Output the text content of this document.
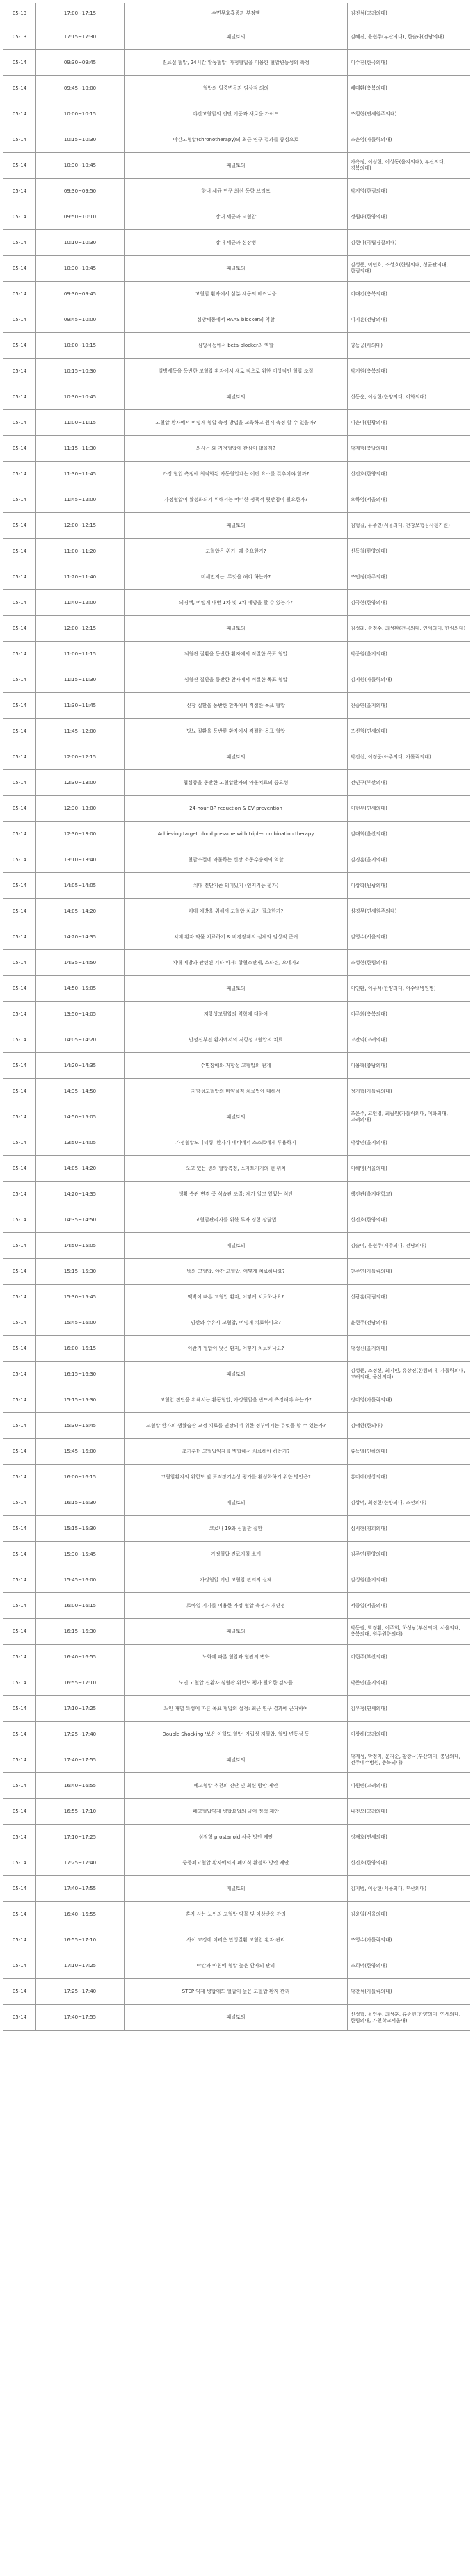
05-13	17:00~17:15	수면무호흡증과 부정맥	김진석(고려의대)
05-13	17:15~17:30	패널토의	김혜진, 윤현주(부산의대), 한슬라(전남의대)
05-14	09:30~09:45	진료실 혈압, 24시간 활동혈압, 가정혈압을 이용한 혈압변동성의 측정	이수진(한국의대)
05-14	09:45~10:00	혈압의 일중변동과 임상적 의의	배대환(충북의대)
05-14	10:00~10:15	야간고혈압의 진단 기준과 새로운 가이드	조철현(연세원주의대)
05-14	10:15~10:30	야간고혈압(chronotherapy)의 최근 연구 결과를 중심으로	조은영(가톨릭의대)
05-14	10:30~10:45	패널토의	가옥정, 이성현, 이성동(울지의대), 부산의대, 경북의대)
05-14	09:30~09:50	향내 세균 연구 최신 동향 브리프	박지영(한림의대)
05-14	09:50~10:10	장내 세균과 고혈압	정원대(한양의대)
05-14	10:10~10:30	장내 세균과 심장병	김현나(국립경찰의대)
05-14	10:30~10:45	패널토의	김성준, 이민호, 조성호(한림의대, 성균관의대, 한림의대)
05-14	09:30~09:45	고혈압 환자에서 삼분 세동의 메커니즘	이대건(충북의대)
05-14	09:45~10:00	심방세동에서 RAAS blocker의 역할	이기훈(전남의대)
05-14	10:00~10:15	심방세동에서 beta-blocker의 역할	양동공(차의대)
05-14	10:15~10:30	심방세동을 동반한 고혈압 환자에서 새로 적으로 위한 이상적인 혈압 조절	박기원(충북의대)
05-14	10:30~10:45	패널토의	신동윤, 이상현(한양의대, 이화의대)
05-14	11:00~11:15	고혈압 환자에서 어떻게 혈압 측정 방법을 교육하고 원격 측정 할 수 있을까?	이은아(원광의대)
05-14	11:15~11:30	의사는 왜 가정혈압에 관심이 없을까?	박재형(충남의대)
05-14	11:30~11:45	가정 혈압 측정에 최적화된 자동혈압계는 어떤 요소를 갖추어야 할까?	신진호(한양의대)
05-14	11:45~12:00	가정혈압이 활성화되기 위해서는 어떠한 정책적 뒷받침이 필요한가?	오하영(서울의대)
05-14	12:00~12:15	패널토의	김형길, 유주연(서울의대, 건강보험심사평가원)
05-14	11:00~11:20	고혈압은 위기, 왜 중요한가?	신동철(한양의대)
05-14	11:20~11:40	미세먼지는, 무엇을 해야 하는가?	조민정(아주의대)
05-14	11:40~12:00	뇌경색, 어떻게 매번 1차 및 2차 예방을 할 수 있는가?	김국현(한양의대)
05-14	12:00~12:15	패널토의	김성래, 송정수, 최성환(건국의대, 연세의대, 한림의대)
05-14	11:00~11:15	뇌혈관 질환을 동반한 환자에서 적절한 목표 혈압	박종원(울지의대)
05-14	11:15~11:30	심혈관 질환을 동반한 환자에서 적절한 목표 혈압	김지원(가톨릭의대)
05-14	11:30~11:45	신장 질환을 동반한 환자에서 적절한 목표 혈압	진중연(울지의대)
05-14	11:45~12:00	당뇨 질환을 동반한 환자에서 적절한 목표 혈압	조신형(연세의대)
05-14	12:00~12:15	패널토의	박진선, 이정준(아주의대, 가톨릭의대)
05-14	12:30~13:00	협심증을 동반한 고혈압환자의 약물치료의 중요성	전민구(부산의대)
05-14	12:30~13:00	24-hour BP reduction & CV prevention	이현우(연세의대)
05-14	12:30~13:00	Achieving target blood pressure with triple-combination therapy	김대희(울산의대)
05-14	13:10~13:40	혈압조절에 약물하는 신장 소동수송체의 역할	김경훈(울지의대)
05-14	14:05~14:05	치매 진단기준 의미있기 (인지기능 평가)	이상학(원광의대)
05-14	14:05~14:20	치매 예방을 위해서 고혈압 치료가 필요한가?	심경무(연세원주의대)
05-14	14:20~14:35	치매 환자 약물 치료하기 & 비경장제의 실제와 임상적 근거	김영수(서울의대)
05-14	14:35~14:50	치매 예방과 관련된 기타 약제: 항혈소판제, 스타틴, 오메가3	조성현(한림의대)
05-14	14:50~15:05	패널토의	이인환, 이우석(한양의대, 여수백병원병)
05-14	13:50~14:05	저항성고혈압의 역학에 대하여	이주희(충북의대)
05-14	14:05~14:20	만성신부전 환자에서의 저항성고혈압의 치료	고잔익(고려의대)
05-14	14:20~14:35	수면장애와 저항성 고혈압의 관계	이용혁(충남의대)
05-14	14:35~14:50	저항성고혈압의 비약물적 치료법에 대해서	정기혁(가톨릭의대)
05-14	14:50~15:05	패널토의	조은주, 고인영, 최필원(가톨릭의대, 이화의대, 고려의대)
05-14	13:50~14:05	가정혈압모니터링, 환자가 예비에서 스스로에게 투용하기	박상민(울지의대)
05-14	14:05~14:20	오고 있는 생의 혈압측정, 스마트기기의 현 위치	이해영(서울의대)
05-14	14:20~14:35	생활 습관 변경 중 식습관 조절: 제가 일고 있었는 식단	백진관(울지대학교)
05-14	14:35~14:50	고혈압관리자를 위한 투자 경험 상담법	신진호(한양의대)
05-14	14:50~15:05	패널토의	김술이, 윤현주(제주의대, 전남의대)
05-14	15:15~15:30	백의 고혈압, 야간 고혈압, 어떻게 치료하나요?	안주연(가톨릭의대)
05-14	15:30~15:45	맥박이 빠른 고혈압 환자, 어떻게 치료하나요?	신광훈(국립의대)
05-14	15:45~16:00	임산와 수유시 고혈압, 어떻게 치료하나요?	윤현주(전남의대)
05-14	16:00~16:15	이완기 혈압이 낮은 환자, 어떻게 치료하나요?	박성신(울지의대)
05-14	16:15~16:30	패널토의	김성준, 조정선, 최지민, 유상진(한림의대, 가톨릭의대, 고려의대, 울산의대)
05-14	15:15~15:30	고혈압 진단을 위해서는 활동혈압, 가정혈압을 반드시 측정해야 하는가?	정미영(가톨릭의대)
05-14	15:30~15:45	고혈압 환자의 생활습관 교정 치료를 권장되어 위한 정부에서는 무엇을 할 수 있는가?	김태환(한의대)
05-14	15:45~16:00	초기부터 고혈압약제를 병합해서 치료해야 하는가?	류동열(인하의대)
05-14	16:00~16:15	고혈압환자의 위험도 및 표적장기손상 평가를 활성화하기 위한 방안은?	홍미에(경상의대)
05-14	16:15~16:30	패널토의	김상덕, 최정현(한양의대, 조선의대)
05-14	15:15~15:30	코로나 19와 심혈관 질환	심시현(경희의대)
05-14	15:30~15:45	가정혈압 진료지침 소개	김주연(한양의대)
05-14	15:45~16:00	가정혈압 기반 고혈압 관리의 실제	김성원(울지의대)
05-14	16:00~16:15	로바일 기기를 이용한 가정 혈압 측정과 개판정	서종일(서울의대)
05-14	16:15~16:30	패널토의	박동권, 박정환, 이주희, 하성남(부산의대, 서울의대, 충북의대, 원주원한의대)
05-14	16:40~16:55	노화에 따른 혈압과 혈관의 변화	이현주(부산의대)
05-14	16:55~17:10	노인 고혈압 신환자 심혈관 위험도 평가 필요한 검사들	박준민(울지의대)
05-14	17:10~17:25	노인 개별 특성에 따른 목표 혈압의 설정: 최근 연구 결과에 근거하여	김우정(연세의대)
05-14	17:25~17:40	Double Shocking '보은 이행도 혈압' 기립성 저혈압, 혈압 변동성 등	이상해(고려의대)
05-14	17:40~17:55	패널토의	박재성, 박정익, 윤지순, 황창국(부산의대, 충남의대, 전주예수병원, 충북의대)
05-14	16:40~16:55	폐고혈압 추천의 진단 및 최신 방안 제안	이원빈(고려의대)
05-14	16:55~17:10	폐고혈압약제 병합요법의 금어 정책 제안	나진오(고려의대)
05-14	17:10~17:25	심장형 prostanoid 사용 방안 제안	정재호(연세의대)
05-14	17:25~17:40	중증폐고혈압 환자에서의 폐이식 활성화 방안 제안	신진호(한양의대)
05-14	17:40~17:55	패널토의	김기범, 이상현(서울의대, 부산의대)
05-14	16:40~16:55	혼자 사는 노인의 고혈압 약물 및 이상반응 관리	김윤일(서울의대)
05-14	16:55~17:10	사이 교정에 이러운 만성질환 고혈압 환자 관리	조영수(가톨릭의대)
05-14	17:10~17:25	야간과 아침에 혈압 높은 환자의 관리	조희덕(한양의대)
05-14	17:25~17:40	STEP 약제 병합에도 혈압이 높은 고혈압 환자 관리	박찬석(가톨릭의대)
05-14	17:40~17:55	패널토의	신성혁, 윤인주, 최성훈, 류종현(한양의대, 연세의대, 한림의대, 가천학교서울대)
